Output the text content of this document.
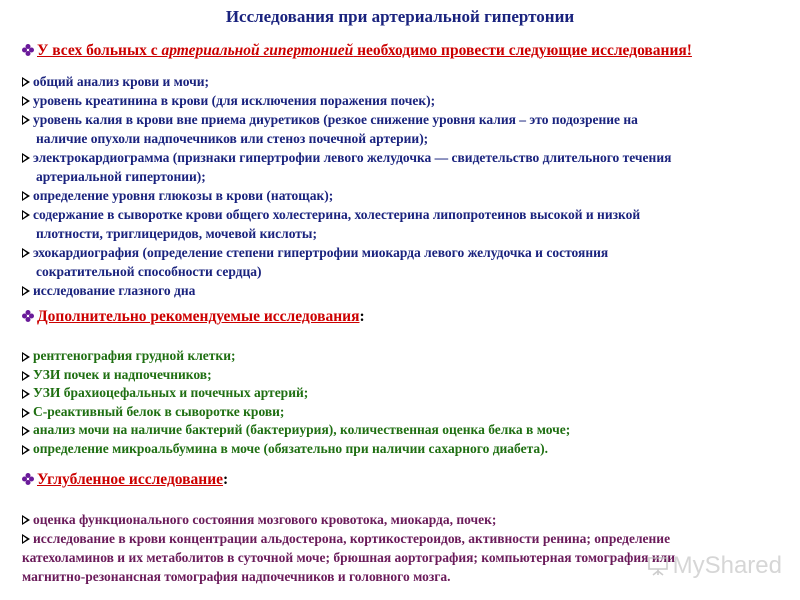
Исследования при артериальной гипертонии
У всех больных с артериальной гипертонией необходимо провести следующие исследования!
общий анализ крови и мочи;
уровень креатинина в крови (для исключения поражения почек);
уровень калия в крови вне приема диуретиков (резкое снижение уровня калия – это подозрение на
наличие опухоли надпочечников или стеноз почечной артерии);
электрокардиограмма (признаки гипертрофии левого желудочка — свидетельство длительного течения
артериальной гипертонии);
определение уровня глюкозы в крови (натощак);
содержание в сыворотке крови общего холестерина, холестерина липопротеинов высокой и низкой
плотности, триглицеридов, мочевой кислоты;
эхокардиография (определение степени гипертрофии миокарда левого желудочка и состояния
сократительной способности сердца)
исследование глазного дна
Дополнительно рекомендуемые исследования:
рентгенография грудной клетки;
УЗИ почек и надпочечников;
УЗИ брахиоцефальных и почечных артерий;
С-реактивный белок в сыворотке крови;
анализ мочи на наличие бактерий (бактериурия), количественная оценка белка в моче;
определение микроальбумина в моче (обязательно при наличии сахарного диабета).
Углубленное исследование:
оценка функционального состояния мозгового кровотока, миокарда, почек;
исследование в крови концентрации альдостерона, кортикостероидов, активности ренина; определение
катехоламинов и их метаболитов в суточной моче; брюшная аортография; компьютерная томография или
магнитно-резонансная томография надпочечников и головного мозга.	MyShared
